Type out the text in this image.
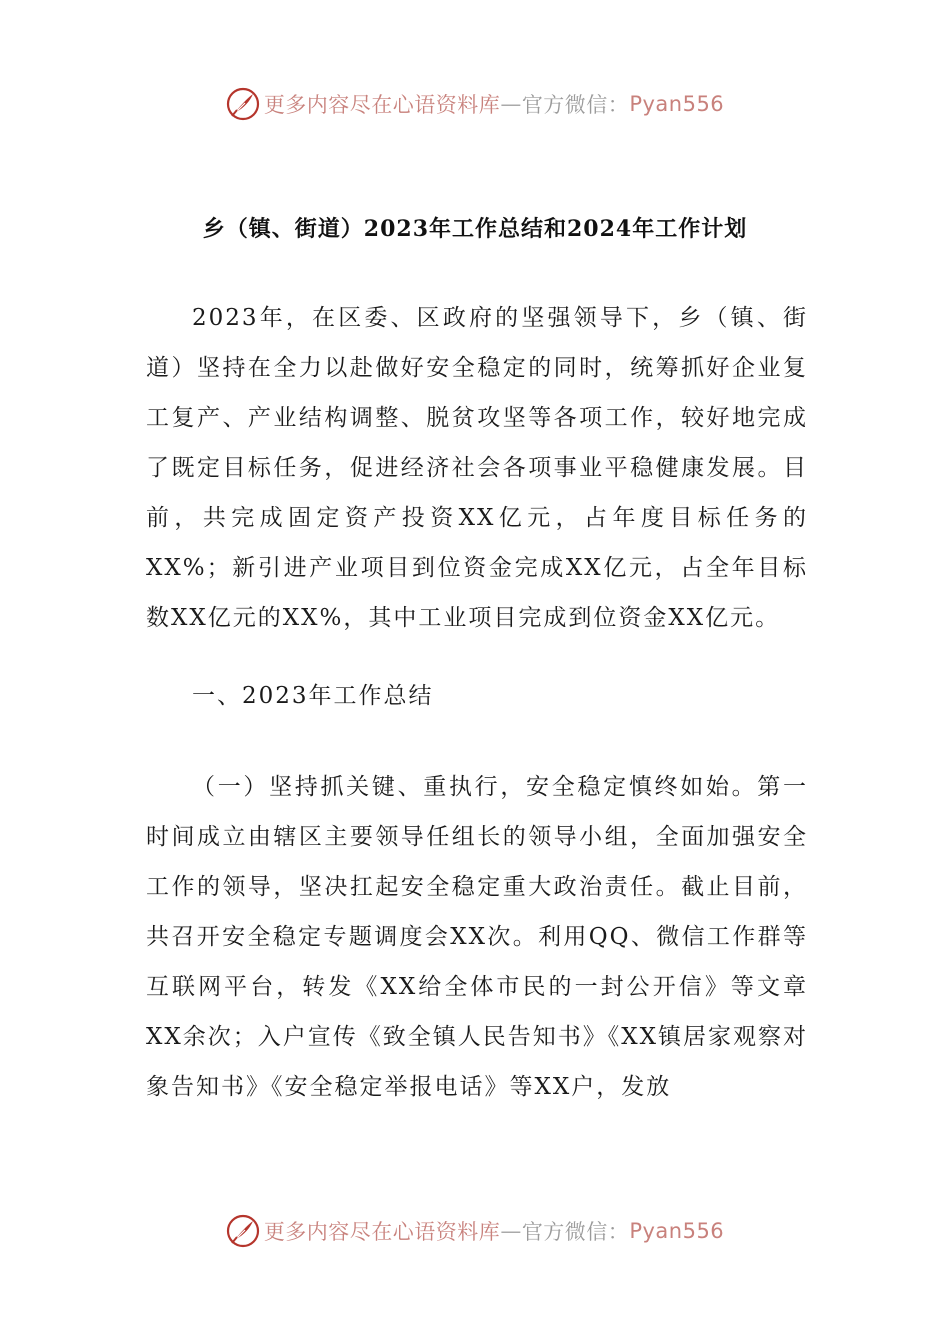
更多内容尽在心语资料库 — 官方微信： Pyan556
乡（镇、街道）2023年工作总结和2024年工作计划

2023年，在区委、区政府的坚强领导下，乡（镇、街道）坚持在全力以赴做好安全稳定的同时，统筹抓好企业复工复产、产业结构调整、脱贫攻坚等各项工作，较好地完成了既定目标任务，促进经济社会各项事业平稳健康发展。目前，共完成固定资产投资XX亿元，占年度目标任务的XX%；新引进产业项目到位资金完成XX亿元，占全年目标数XX亿元的XX%，其中工业项目完成到位资金XX亿元。

一、2023年工作总结

（一）坚持抓关键、重执行，安全稳定慎终如始。第一时间成立由辖区主要领导任组长的领导小组，全面加强安全工作的领导，坚决扛起安全稳定重大政治责任。截止目前，共召开安全稳定专题调度会XX次。利用QQ、微信工作群等互联网平台，转发《XX给全体市民的一封公开信》等文章XX余次；入户宣传《致全镇人民告知书》《XX镇居家观察对象告知书》《安全稳定举报电话》等XX户，发放

更多内容尽在心语资料库 — 官方微信： Pyan556
